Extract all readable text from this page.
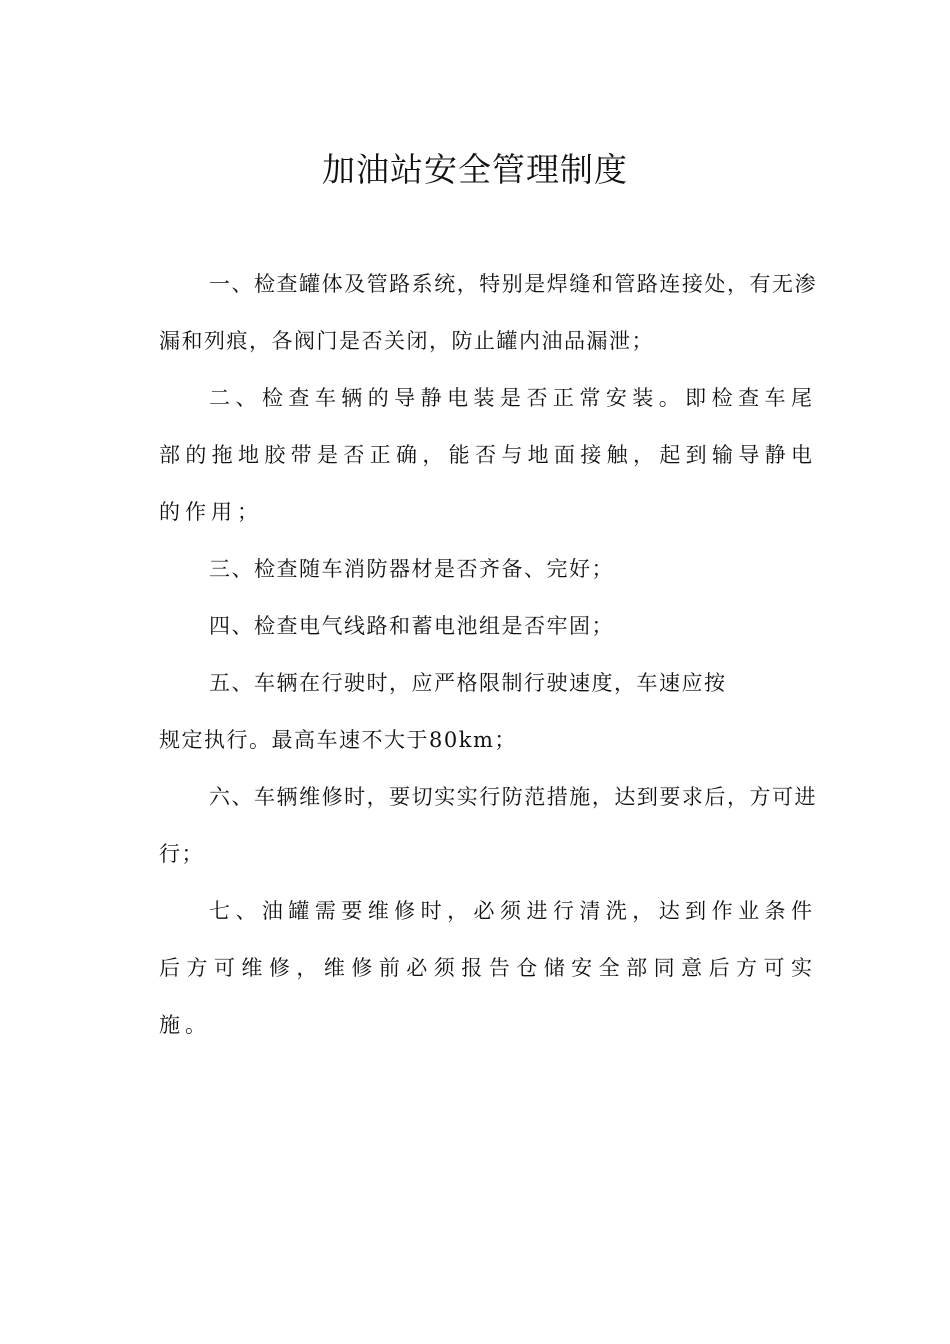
加油站安全管理制度

一、检查罐体及管路系统，特别是焊缝和管路连接处，有无渗漏和列痕，各阀门是否关闭，防止罐内油品漏泄；

二、检查车辆的导静电装是否正常安装。即检查车尾部的拖地胶带是否正确，能否与地面接触，起到输导静电的作用；

三、检查随车消防器材是否齐备、完好；

四、检查电气线路和蓄电池组是否牢固；

五、车辆在行驶时，应严格限制行驶速度，车速应按

规定执行。最高车速不大于80km；

六、车辆维修时，要切实实行防范措施，达到要求后，方可进行；

七、油罐需要维修时，必须进行清洗，达到作业条件后方可维修，维修前必须报告仓储安全部同意后方可实施。
